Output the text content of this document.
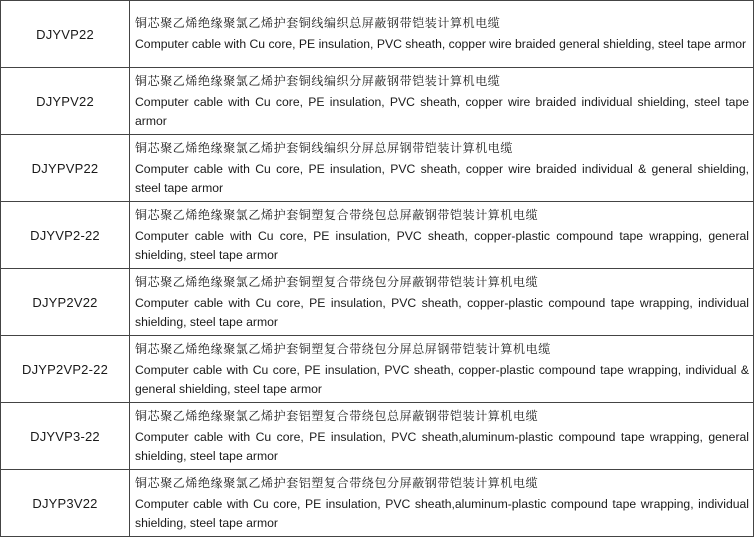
DJYVP22	铜芯聚乙烯绝缘聚氯乙烯护套铜线编织总屏蔽钢带铠装计算机电缆
Computer cable with Cu core, PE insulation, PVC sheath, copper wire braided general shielding, steel tape armor

DJYPV22	铜芯聚乙烯绝缘聚氯乙烯护套铜线编织分屏蔽钢带铠装计算机电缆
Computer cable with Cu core, PE insulation, PVC sheath, copper wire braided individual shielding, steel tape armor

DJYPVP22	铜芯聚乙烯绝缘聚氯乙烯护套铜线编织分屏总屏钢带铠装计算机电缆
Computer cable with Cu core, PE insulation, PVC sheath, copper wire braided individual & general shielding, steel tape armor

DJYVP2-22	铜芯聚乙烯绝缘聚氯乙烯护套铜塑复合带绕包总屏蔽钢带铠装计算机电缆
Computer cable with Cu core, PE insulation, PVC sheath, copper-plastic compound tape wrapping, general shielding, steel tape armor

DJYP2V22	铜芯聚乙烯绝缘聚氯乙烯护套铜塑复合带绕包分屏蔽钢带铠装计算机电缆
Computer cable with Cu core, PE insulation, PVC sheath, copper-plastic compound tape wrapping, individual shielding, steel tape armor

DJYP2VP2-22	铜芯聚乙烯绝缘聚氯乙烯护套铜塑复合带绕包分屏总屏钢带铠装计算机电缆
Computer cable with Cu core, PE insulation, PVC sheath, copper-plastic compound tape wrapping, individual & general shielding, steel tape armor

DJYVP3-22	铜芯聚乙烯绝缘聚氯乙烯护套铝塑复合带绕包总屏蔽钢带铠装计算机电缆
Computer cable with Cu core, PE insulation, PVC sheath,aluminum-plastic compound tape wrapping, general shielding, steel tape armor

DJYP3V22	铜芯聚乙烯绝缘聚氯乙烯护套铝塑复合带绕包分屏蔽钢带铠装计算机电缆
Computer cable with Cu core, PE insulation, PVC sheath,aluminum-plastic compound tape wrapping, individual shielding, steel tape armor
